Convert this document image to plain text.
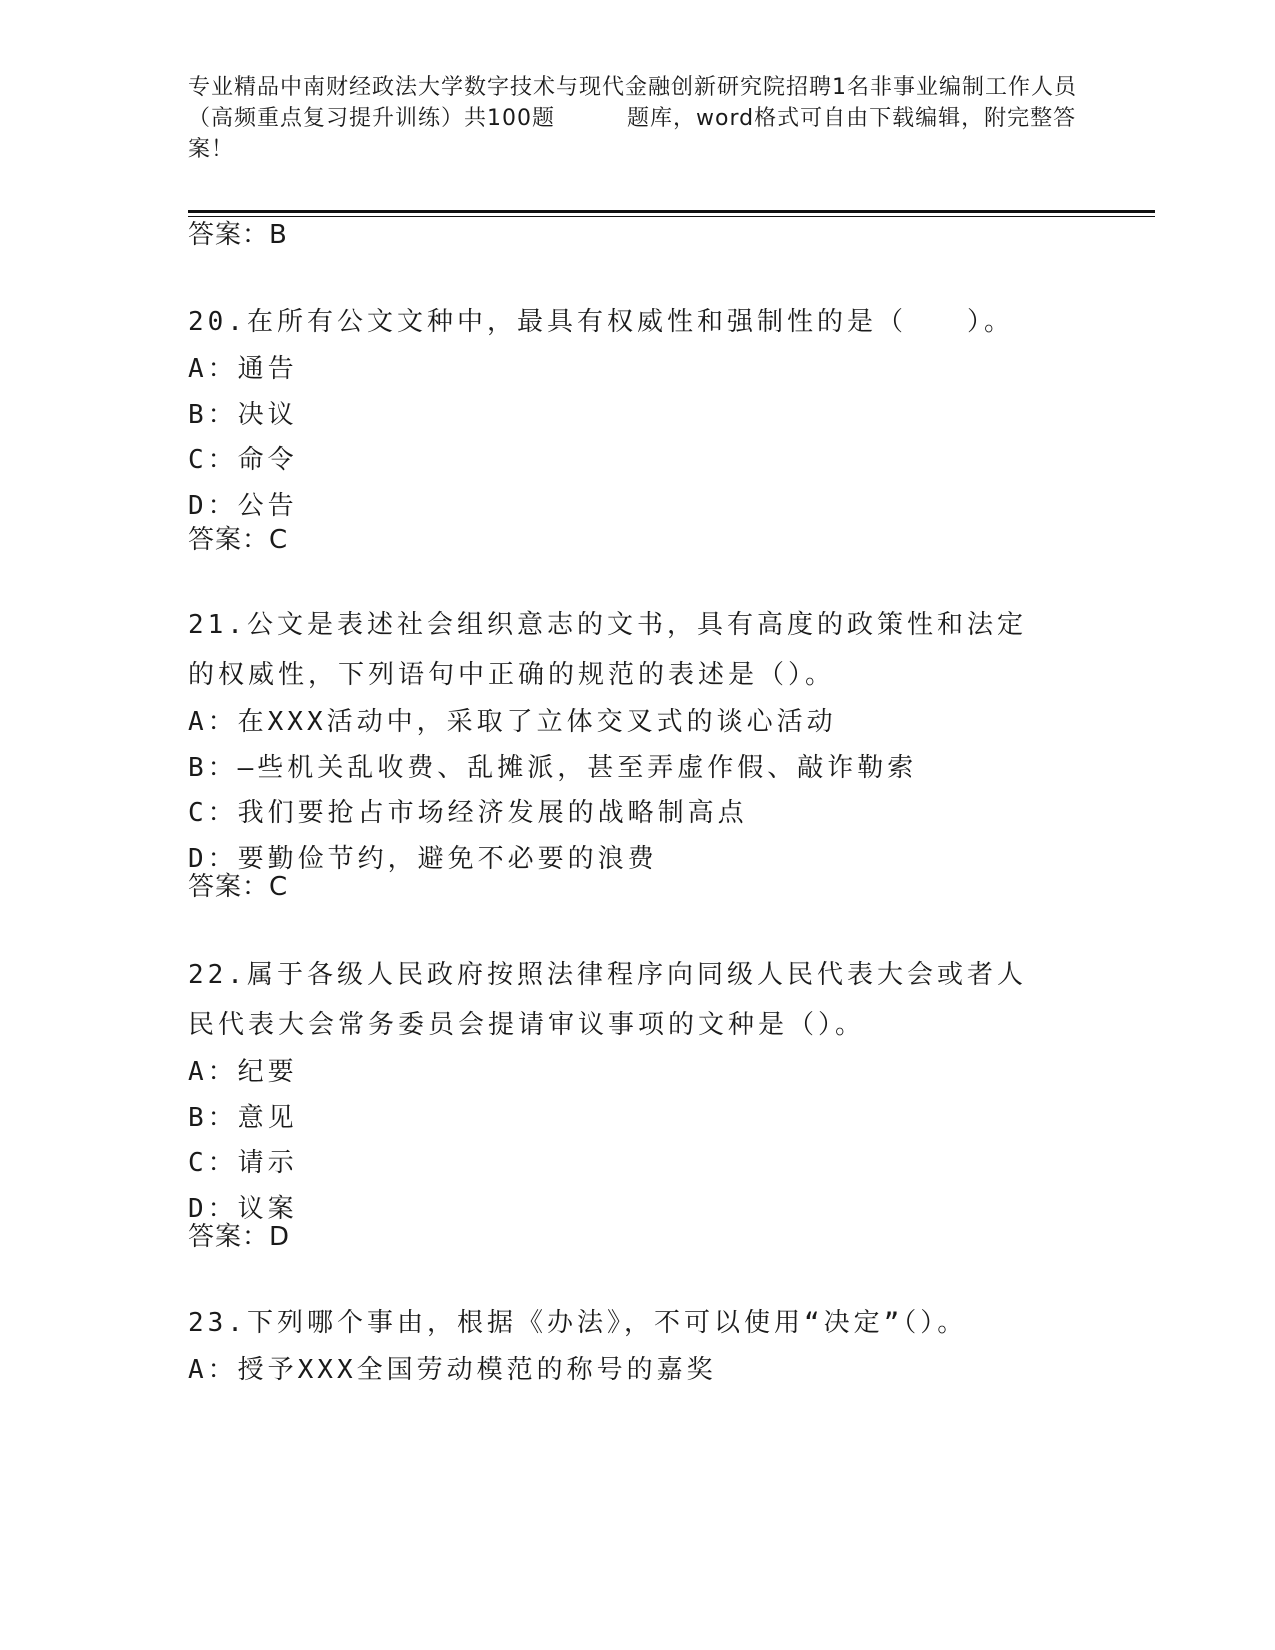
专业精品中南财经政法大学数字技术与现代金融创新研究院招聘1名非事业编制工作人员（高频重点复习提升训练）共100题	题库，word格式可自由下载编辑，附完整答案！
答案：B
20.在所有公文文种中，最具有权威性和强制性的是（　　）。
A：通告
B：决议
C：命令
D：公告
答案：C
21.公文是表述社会组织意志的文书，具有高度的政策性和法定的权威性，下列语句中正确的规范的表述是（）。
A：在XXX活动中，采取了立体交叉式的谈心活动
B：—些机关乱收费、乱摊派，甚至弄虚作假、敲诈勒索
C：我们要抢占市场经济发展的战略制高点
D：要勤俭节约，避免不必要的浪费
答案：C
22.属于各级人民政府按照法律程序向同级人民代表大会或者人民代表大会常务委员会提请审议事项的文种是（）。
A：纪要
B：意见
C：请示
D：议案
答案：D
23.下列哪个事由，根据《办法》，不可以使用“决定”（）。
A：授予XXX全国劳动模范的称号的嘉奖
